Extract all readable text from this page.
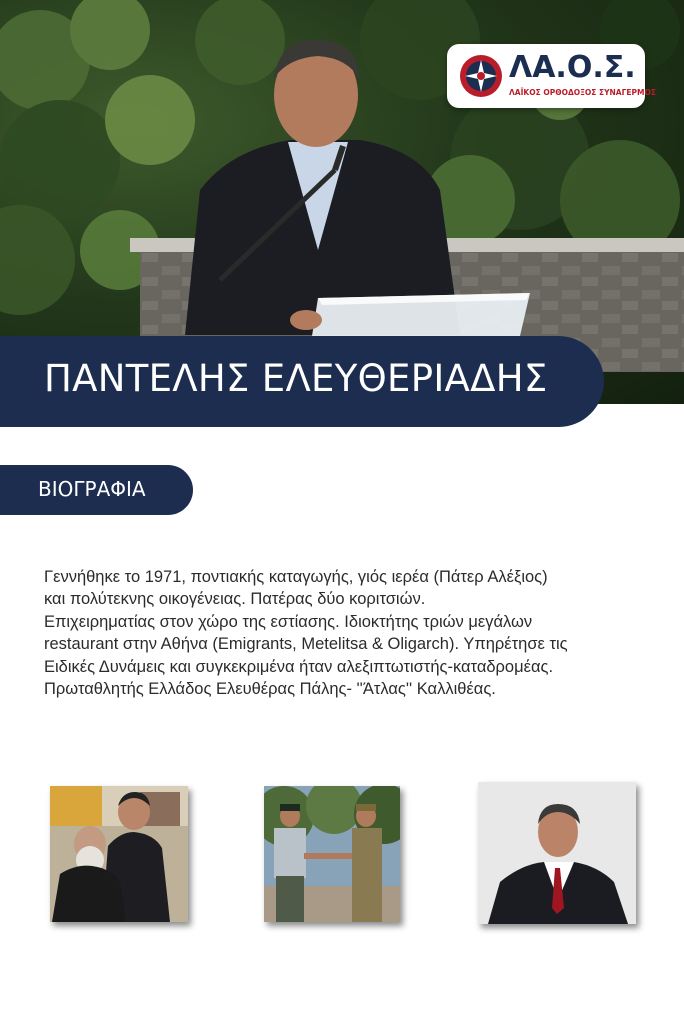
ΛΑ.Ο.Σ.
ΛΑΪΚΟΣ ΟΡΘΟΔΟΞΟΣ ΣΥΝΑΓΕΡΜΟΣ
ΠΑΝΤΕΛΗΣ ΕΛΕΥΘΕΡΙΑΔΗΣ
ΒΙΟΓΡΑΦΙΑ
Γεννήθηκε το 1971, ποντιακής καταγωγής, γιός ιερέα (Πάτερ Αλέξιος)
και πολύτεκνης οικογένειας. Πατέρας δύο κοριτσιών.
Επιχειρηματίας στον χώρο της εστίασης. Ιδιοκτήτης τριών μεγάλων
restaurant στην Αθήνα (Emigrants, Metelitsa & Oligarch). Υπηρέτησε τις
Ειδικές Δυνάμεις και συγκεκριμένα ήταν αλεξιπτωτιστής-καταδρομέας.
Πρωταθλητής Ελλάδος Ελευθέρας Πάλης- ''Άτλας'' Καλλιθέας.
